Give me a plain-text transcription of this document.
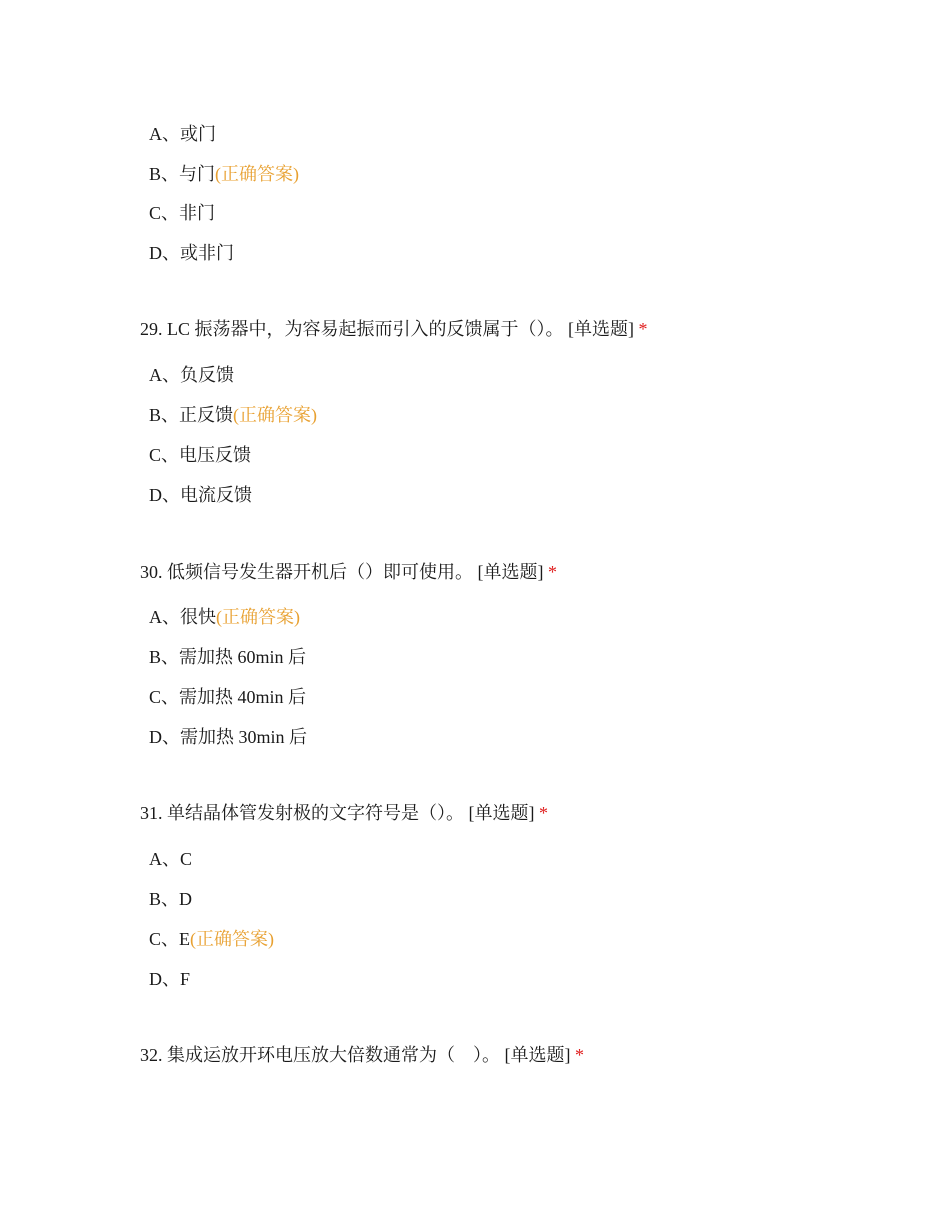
A、或门
B、与门(正确答案)
C、非门
D、或非门
29. LC 振荡器中，为容易起振而引入的反馈属于（）。 [单选题] *
A、负反馈
B、正反馈(正确答案)
C、电压反馈
D、电流反馈
30. 低频信号发生器开机后（）即可使用。 [单选题] *
A、很快(正确答案)
B、需加热 60min 后
C、需加热 40min 后
D、需加热 30min 后
31. 单结晶体管发射极的文字符号是（）。 [单选题] *
A、C
B、D
C、E(正确答案)
D、F
32. 集成运放开环电压放大倍数通常为（　）。 [单选题] *
